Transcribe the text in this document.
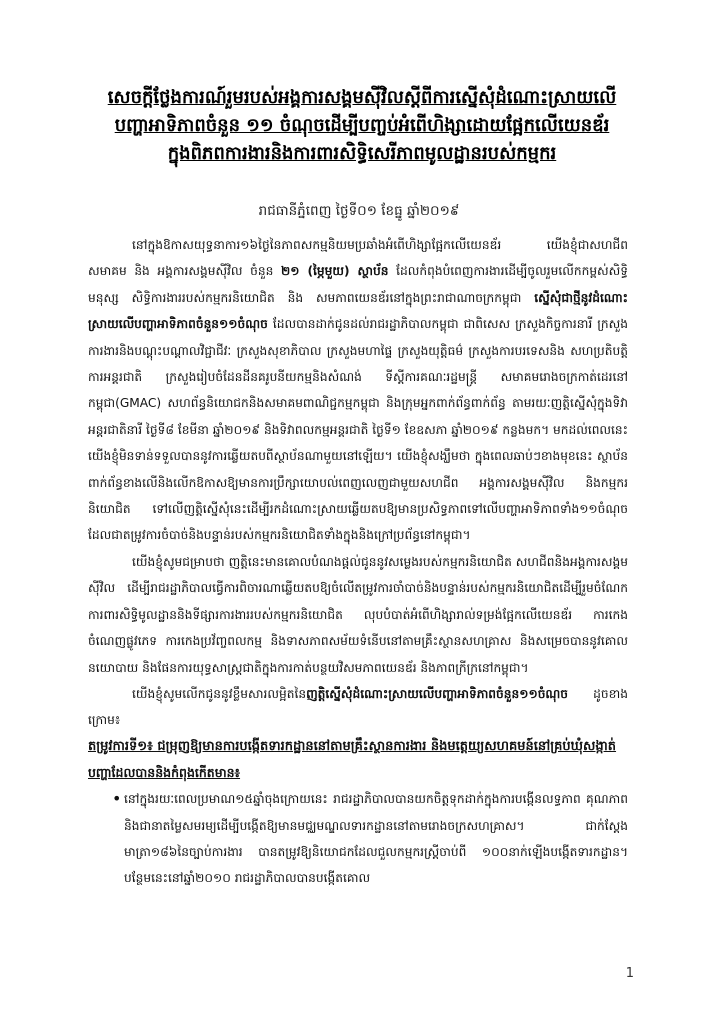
សេចក្តីថ្លែងការណ៍រួមរបស់អង្គការសង្គមស៊ីវិលស្តីពីការស្នើសុំដំណោះស្រាយលើបញ្ហាអាទិភាពចំនួន ១១ ចំណុចដើម្បីបញ្ចប់អំពើហិង្សាដោយផ្អែកលើយេនឌ័រក្នុងពិភពការងារនិងការពារសិទ្ធិសេរីភាពមូលដ្ឋានរបស់កម្មករ
រាជធានីភ្នំពេញ ថ្ងៃទី០១ ខែធ្នូ ឆ្នាំ២០១៩

នៅក្នុងឱកាសយុទ្ធនាការ១៦ថ្ងៃនៃភាពសកម្មនិយមប្រឆាំងអំពើហិង្សាផ្អែកលើយេនឌ័រ យើងខ្ញុំជាសហជីព សមាគម និង អង្គការសង្គមស៊ីវិល ចំនួន ២១ (ម្ភៃមួយ) ស្ថាប័ន ដែលកំពុងបំពេញការងារដើម្បីចូលរួមលើកកម្ពស់សិទ្ធិមនុស្ស សិទ្ធិការងាររបស់កម្មករនិយោជិត និង សមភាពយេនឌ័រនៅក្នុងព្រះរាជាណាចក្រកម្ពុជា ស្នើសុំជាថ្មីនូវដំណោះស្រាយលើបញ្ហាអាទិភាពចំនួន១១ចំណុច ដែលបានដាក់ជូនដល់រាជរដ្ឋាភិបាលកម្ពុជា ជាពិសេស ក្រសួងកិច្ចការនារី ក្រសួងការងារនិងបណ្តុះបណ្តាលវិជ្ជាជីវៈ ក្រសួងសុខាភិបាល ក្រសួងមហាផ្ទៃ ក្រសួងយុត្តិធម៌ ក្រសួងការបរទេសនិង សហប្រតិបត្តិការអន្តរជាតិ ក្រសួងរៀបចំដែនដីនគរូបនីយកម្មនិងសំណង់ ទីស្តីការគណៈរដ្ឋមន្ត្រី សមាគមរោងចក្រកាត់ដេរនៅកម្ពុជា(GMAC) សហព័ន្ធនិយោជកនិងសមាគមពាណិជ្ជកម្មកម្ពុជា និងក្រុមអ្នកពាក់ព័ន្ធពាក់ព័ន្ធ តាមរយៈញត្តិស្នើសុំក្នុងទិវាអន្តរជាតិនារី ថ្ងៃទី៨ ខែមីនា ឆ្នាំ២០១៩ និងទិវាពលកម្មអន្តរជាតិ ថ្ងៃទី១ ខែឧសភា ឆ្នាំ២០១៩ កន្លងមក។ មកដល់ពេលនេះយើងខ្ញុំមិនទាន់ទទួលបាននូវការឆ្លើយតបពីស្ថាប័នណាមួយនៅឡើយ។ យើងខ្ញុំសង្ឃឹមថា ក្នុងពេលឆាប់ៗខាងមុខនេះ ស្ថាប័នពាក់ព័ន្ធខាងលើនិងលើកឱកាសឱ្យមានការប្រឹក្សាយោបល់ពេញលេញជាមួយសហជីព អង្គការសង្គមស៊ីវិល និងកម្មករនិយោជិត ទៅលើញត្តិស្នើសុំនេះដើម្បីរកដំណោះស្រាយឆ្លើយតបឱ្យមានប្រសិទ្ធភាពទៅលើបញ្ហាអាទិភាពទាំង១១ចំណុចដែលជាតម្រូវការចំបាច់និងបន្ទាន់របស់កម្មករនិយោជិតទាំងក្នុងនិងក្រៅប្រព័ន្ធនៅកម្ពុជា។

យើងខ្ញុំសូមជម្រាបថា ញត្តិនេះមានគោលបំណងផ្តល់ជូននូវសម្លេងរបស់កម្មករនិយោជិត សហជីពនិងអង្គការសង្គមស៊ីវិល ដើម្បីរាជរដ្ឋាភិបាលធ្វើការពិចារណាឆ្លើយតបឱ្យចំលើតម្រូវការចាំបាច់និងបន្ទាន់របស់កម្មករនិយោជិតដើម្បីរួមចំណែកការពារសិទ្ធិមូលដ្ឋាននិងទីផ្សារការងាររបស់កម្មករនិយោជិត លុបបំបាត់អំពើហិង្សារាល់ទម្រង់ផ្អែកលើយេនឌ័រ ការកេងចំណេញផ្លូវភេទ ការកេងប្រវ័ញ្ចពលកម្ម និងទាសភាពសម័យទំនើបនៅតាមគ្រឹះស្ថានសហគ្រាស និងសម្រេចបាននូវគោលនយោបាយ និងផែនការយុទ្ធសាស្ត្រជាតិក្នុងការកាត់បន្ថយវិសមភាពយេនឌ័រ និងភាពក្រីក្រនៅកម្ពុជា។

យើងខ្ញុំសូមលើកជូននូវខ្លឹមសារលម្អិតនៃញត្តិស្នើសុំដំណោះស្រាយលើបញ្ហាអាទិភាពចំនួន១១ចំណុច ដូចខាងក្រោម៖

តម្រូវការទី១៖ ជម្រុញឱ្យមានការបង្កើតទារកដ្ឋាននៅតាមគ្រឹះស្ថានការងារ និងមត្តេយ្យសហគមន៍នៅគ្រប់ឃុំសង្កាត់

បញ្ហាដែលបាននិងកំពុងកើតមាន៖

• នៅក្នុងរយៈពេលប្រមាណ១៥ឆ្នាំចុងក្រោយនេះ រាជរដ្ឋាភិបាលបានយកចិត្តទុកដាក់ក្នុងការបង្កើនលទ្ធភាព គុណភាព និងជានាតម្លៃសមរម្យដើម្បីបង្កើតឱ្យមានមជ្ឈមណ្ឌលទារកដ្ឋាននៅតាមរោងចក្រសហគ្រាស។ ជាក់ស្តែងមាត្រា១៨៦នៃច្បាប់ការងារ បានតម្រូវឱ្យនិយោជកដែលជួលកម្មករស្ត្រីចាប់ពី ១០០នាក់ឡើងបង្កើតទារកដ្ឋាន។ បន្ថែមនេះនៅឆ្នាំ២០១០ រាជរដ្ឋាភិបាលបានបង្កើតគោល
1
